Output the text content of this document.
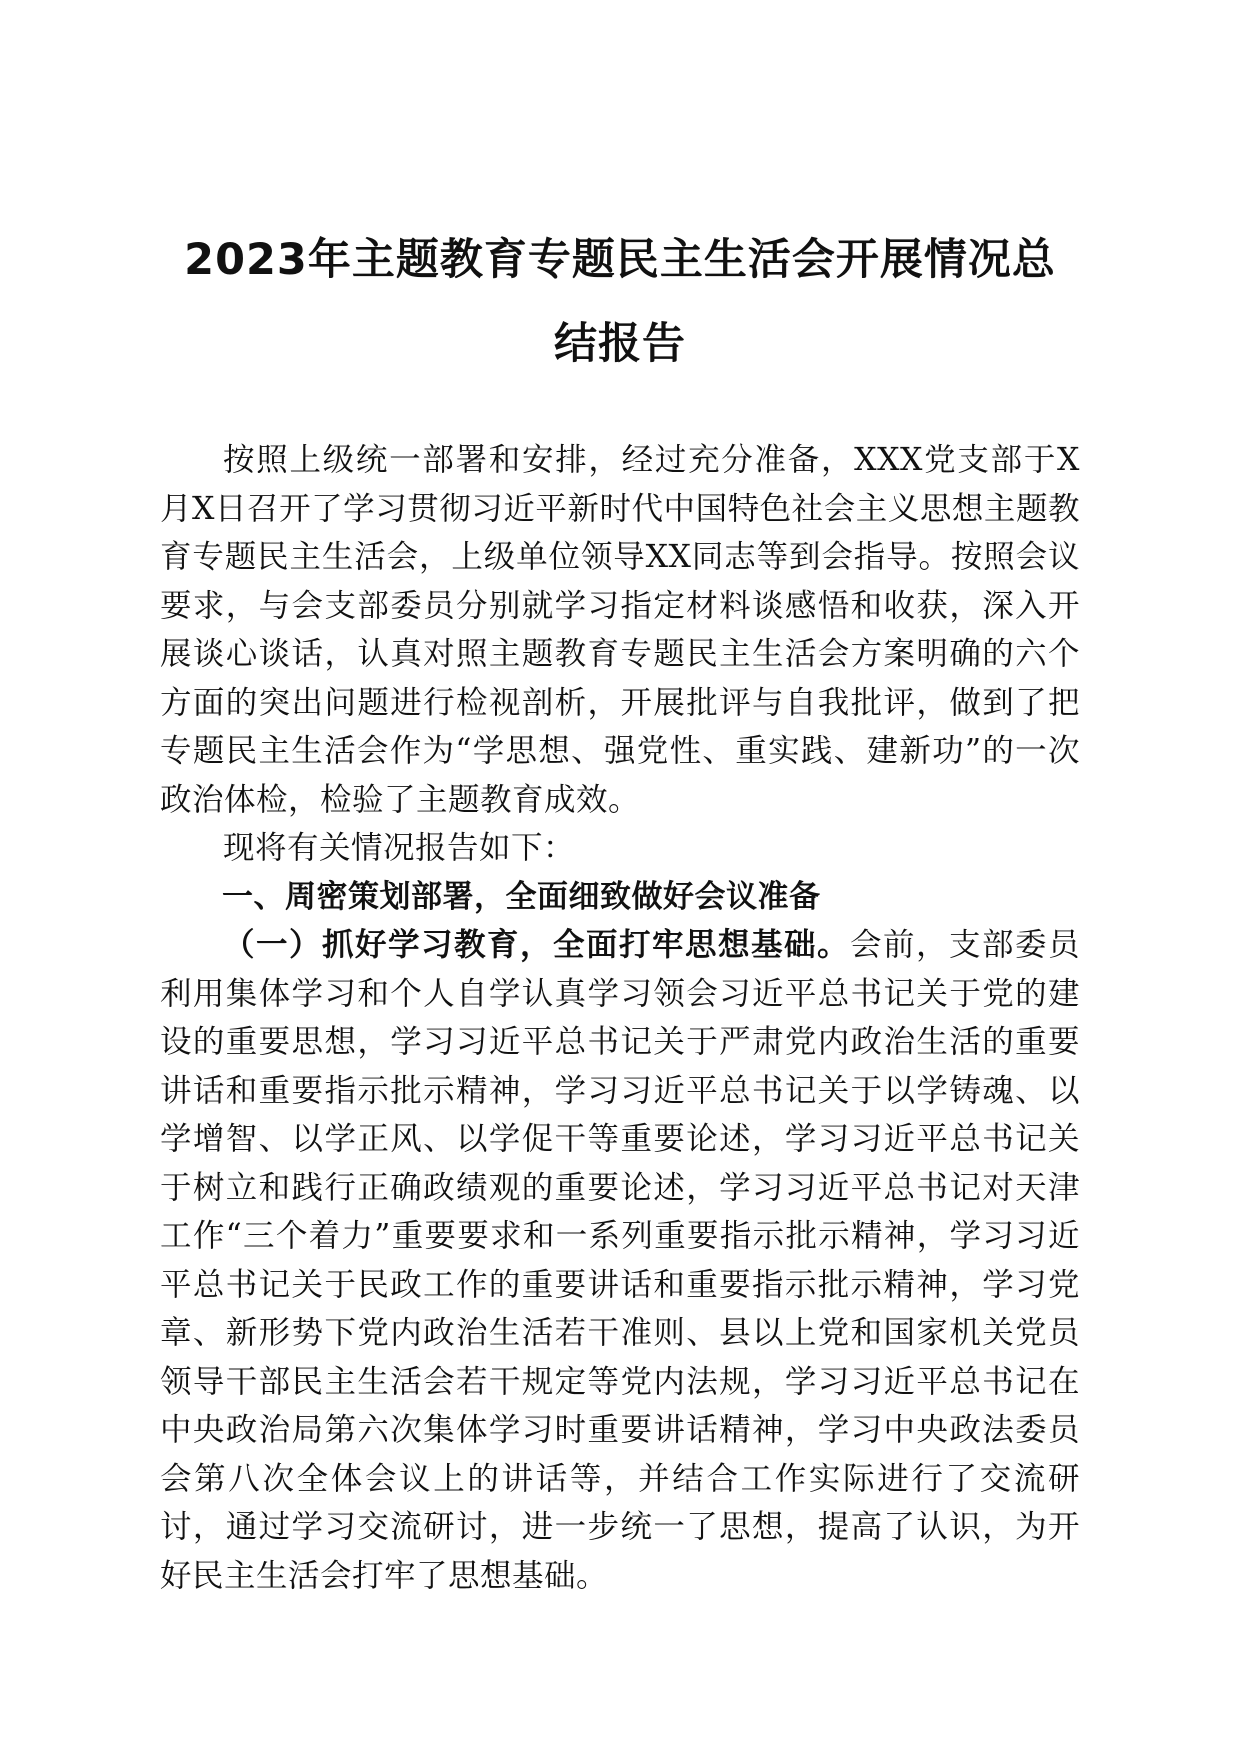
2023年主题教育专题民主生活会开展情况总
结报告

按照上级统一部署和安排，经过充分准备，XXX党支部于X月X日召开了学习贯彻习近平新时代中国特色社会主义思想主题教育专题民主生活会，上级单位领导XX同志等到会指导。按照会议要求，与会支部委员分别就学习指定材料谈感悟和收获，深入开展谈心谈话，认真对照主题教育专题民主生活会方案明确的六个方面的突出问题进行检视剖析，开展批评与自我批评，做到了把专题民主生活会作为“学思想、强党性、重实践、建新功”的一次政治体检，检验了主题教育成效。

现将有关情况报告如下：

一、周密策划部署，全面细致做好会议准备

（一）抓好学习教育，全面打牢思想基础。会前，支部委员利用集体学习和个人自学认真学习领会习近平总书记关于党的建设的重要思想，学习习近平总书记关于严肃党内政治生活的重要讲话和重要指示批示精神，学习习近平总书记关于以学铸魂、以学增智、以学正风、以学促干等重要论述，学习习近平总书记关于树立和践行正确政绩观的重要论述，学习习近平总书记对天津工作“三个着力”重要要求和一系列重要指示批示精神，学习习近平总书记关于民政工作的重要讲话和重要指示批示精神，学习党章、新形势下党内政治生活若干准则、县以上党和国家机关党员领导干部民主生活会若干规定等党内法规，学习习近平总书记在中央政治局第六次集体学习时重要讲话精神，学习中央政法委员会第八次全体会议上的讲话等，并结合工作实际进行了交流研讨，通过学习交流研讨，进一步统一了思想，提高了认识，为开好民主生活会打牢了思想基础。
